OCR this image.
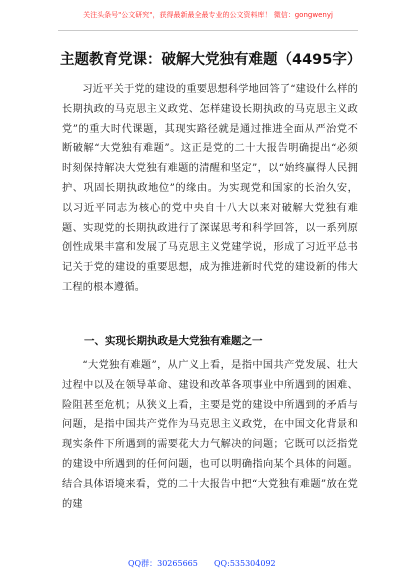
关注头条号"公文研究"，获得最新最全最专业的公文资料库！ 微信：gongwenyj
主题教育党课：破解大党独有难题（4495字）
习近平关于党的建设的重要思想科学地回答了“建设什么样的长期执政的马克思主义政党、怎样建设长期执政的马克思主义政党”的重大时代课题，其现实路径就是通过推进全面从严治党不断破解“大党独有难题”。这正是党的二十大报告明确提出“必须时刻保持解决大党独有难题的清醒和坚定”，以“始终赢得人民拥护、巩固长期执政地位”的缘由。为实现党和国家的长治久安，以习近平同志为核心的党中央自十八大以来对破解大党独有难题、实现党的长期执政进行了深谋思考和科学回答，以一系列原创性成果丰富和发展了马克思主义党建学说，形成了习近平总书记关于党的建设的重要思想，成为推进新时代党的建设新的伟大工程的根本遵循。
一、实现长期执政是大党独有难题之一
“大党独有难题”，从广义上看，是指中国共产党发展、壮大过程中以及在领导革命、建设和改革各项事业中所遇到的困难、险阻甚至危机；从狭义上看，主要是党的建设中所遇到的矛盾与问题，是指中国共产党作为马克思主义政党，在中国文化背景和现实条件下所遇到的需要花大力气解决的问题；它既可以泛指党的建设中所遇到的任何问题，也可以明确指向某个具体的问题。结合具体语境来看，党的二十大报告中把“大党独有难题”放在党的建
QQ群：30265665 QQ:535304092
